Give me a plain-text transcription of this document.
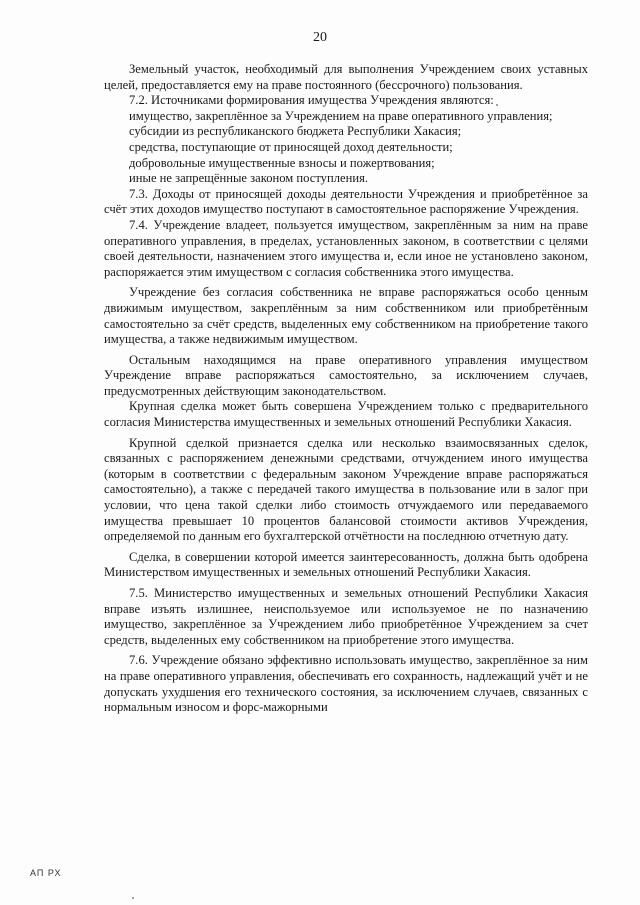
20

Земельный участок, необходимый для выполнения Учреждением своих уставных целей, предоставляется ему на праве постоянного (бессрочного) пользования.

7.2. Источниками формирования имущества Учреждения являются:

имущество, закреплённое за Учреждением на праве оперативного управления;

субсидии из республиканского бюджета Республики Хакасия;

средства, поступающие от приносящей доход деятельности;

добровольные имущественные взносы и пожертвования;

иные не запрещённые законом поступления.

7.3. Доходы от приносящей доходы деятельности Учреждения и приобретённое за счёт этих доходов имущество поступают в самостоятельное распоряжение Учреждения.

7.4. Учреждение владеет, пользуется имуществом, закреплённым за ним на праве оперативного управления, в пределах, установленных законом, в соответствии с целями своей деятельности, назначением этого имущества и, если иное не установлено законом, распоряжается этим имуществом с согласия собственника этого имущества.

Учреждение без согласия собственника не вправе распоряжаться особо ценным движимым имуществом, закреплённым за ним собственником или приобретённым самостоятельно за счёт средств, выделенных ему собственником на приобретение такого имущества, а также недвижимым имуществом.

Остальным находящимся на праве оперативного управления имуществом Учреждение вправе распоряжаться самостоятельно, за исключением случаев, предусмотренных действующим законодательством.

Крупная сделка может быть совершена Учреждением только с предварительного согласия Министерства имущественных и земельных отношений Республики Хакасия.

Крупной сделкой признается сделка или несколько взаимосвязанных сделок, связанных с распоряжением денежными средствами, отчуждением иного имущества (которым в соответствии с федеральным законом Учреждение вправе распоряжаться самостоятельно), а также с передачей такого имущества в пользование или в залог при условии, что цена такой сделки либо стоимость отчуждаемого или передаваемого имущества превышает 10 процентов балансовой стоимости активов Учреждения, определяемой по данным его бухгалтерской отчётности на последнюю отчетную дату.

Сделка, в совершении которой имеется заинтересованность, должна быть одобрена Министерством имущественных и земельных отношений Республики Хакасия.

7.5. Министерство имущественных и земельных отношений Республики Хакасия вправе изъять излишнее, неиспользуемое или используемое не по назначению имущество, закреплённое за Учреждением либо приобретённое Учреждением за счет средств, выделенных ему собственником на приобретение этого имущества.

7.6. Учреждение обязано эффективно использовать имущество, закреплённое за ним на праве оперативного управления, обеспечивать его сохранность, надлежащий учёт и не допускать ухудшения его технического состояния, за исключением случаев, связанных с нормальным износом и форс-мажорными

АП РХ
